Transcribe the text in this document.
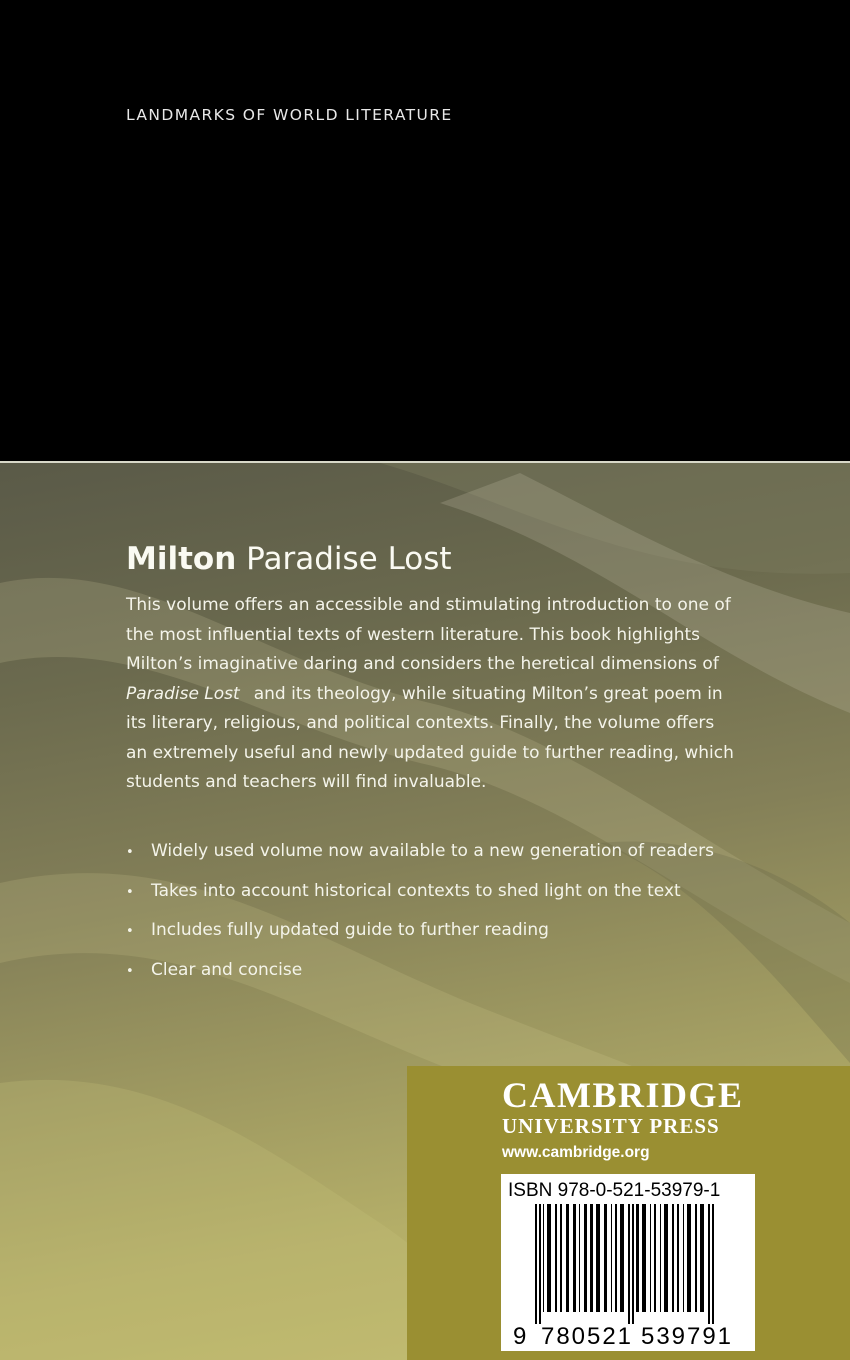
LANDMARKS OF WORLD LITERATURE
Milton Paradise Lost

This volume offers an accessible and stimulating introduction to one of

the most influential texts of western literature. This book highlights

Milton’s imaginative daring and considers the heretical dimensions of

Paradise Lost and its theology, while situating Milton’s great poem in

its literary, religious, and political contexts. Finally, the volume offers

an extremely useful and newly updated guide to further reading, which

students and teachers will find invaluable.

• Widely used volume now available to a new generation of readers
• Takes into account historical contexts to shed light on the text
• Includes fully updated guide to further reading
• Clear and concise
CAMBRIDGE
UNIVERSITY PRESS
www.cambridge.org
ISBN 978-0-521-53979-1
9 780521 539791
